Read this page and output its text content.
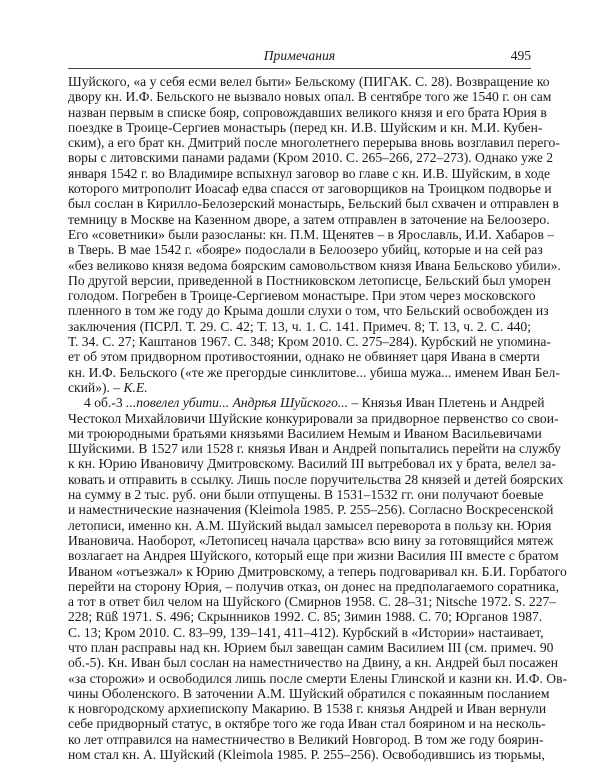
Примечания	495
Шуйского, «а у себя есми велел быти» Бельскому (ПИГАК. С. 28). Возвращение ко
двору кн. И.Ф. Бельского не вызвало новых опал. В сентябре того же 1540 г. он сам
назван первым в списке бояр, сопровождавших великого князя и его брата Юрия в
поездке в Троице-Сергиев монастырь (перед кн. И.В. Шуйским и кн. М.И. Кубен-
ским), а его брат кн. Дмитрий после многолетнего перерыва вновь возглавил перего-
воры с литовскими панами радами (Кром 2010. С. 265–266, 272–273). Однако уже 2
января 1542 г. во Владимире вспыхнул заговор во главе с кн. И.В. Шуйским, в ходе
которого митрополит Иоасаф едва спасся от заговорщиков на Троицком подворье и
был сослан в Кирилло-Белозерский монастырь, Бельский был схвачен и отправлен в
темницу в Москве на Казенном дворе, а затем отправлен в заточение на Белоозеро.
Его «советники» были разосланы: кн. П.М. Щенятев – в Ярославль, И.И. Хабаров –
в Тверь. В мае 1542 г. «бояре» подослали в Белоозеро убийц, которые и на сей раз
«без великово князя ведома боярским самовольством князя Ивана Бельсково убили».
По другой версии, приведенной в Постниковском летописце, Бельский был уморен
голодом. Погребен в Троице-Сергиевом монастыре. При этом через московского
пленного в том же году до Крыма дошли слухи о том, что Бельский освобожден из
заключения (ПСРЛ. Т. 29. С. 42; Т. 13, ч. 1. С. 141. Примеч. 8; Т. 13, ч. 2. С. 440;
Т. 34. С. 27; Каштанов 1967. С. 348; Кром 2010. С. 275–284). Курбский не упомина-
ет об этом придворном противостоянии, однако не обвиняет царя Ивана в смерти
кн. И.Ф. Бельского («те же прегордые синклитове... убиша мужа... именем Иван Бел-
ский»). – К.Е.
4 об.-3 ...повелел убити... Андрѣя Шуйского... – Князья Иван Плетень и Андрей
Честокол Михайловичи Шуйские конкурировали за придворное первенство со свои-
ми троюродными братьями князьями Василием Немым и Иваном Васильевичами
Шуйскими. В 1527 или 1528 г. князья Иван и Андрей попытались перейти на службу
к кн. Юрию Ивановичу Дмитровскому. Василий III вытребовал их у брата, велел за-
ковать и отправить в ссылку. Лишь после поручительства 28 князей и детей боярских
на сумму в 2 тыс. руб. они были отпущены. В 1531–1532 гг. они получают боевые
и наместнические назначения (Kleimola 1985. P. 255–256). Согласно Воскресенской
летописи, именно кн. А.М. Шуйский выдал замысел переворота в пользу кн. Юрия
Ивановича. Наоборот, «Летописец начала царства» всю вину за готовящийся мятеж
возлагает на Андрея Шуйского, который еще при жизни Василия III вместе с братом
Иваном «отъезжал» к Юрию Дмитровскому, а теперь подговаривал кн. Б.И. Горбатого
перейти на сторону Юрия, – получив отказ, он донес на предполагаемого соратника,
а тот в ответ бил челом на Шуйского (Смирнов 1958. С. 28–31; Nitsche 1972. S. 227–
228; Rüß 1971. S. 496; Скрынников 1992. С. 85; Зимин 1988. С. 70; Юрганов 1987.
С. 13; Кром 2010. С. 83–99, 139–141, 411–412). Курбский в «Истории» настаивает,
что план расправы над кн. Юрием был завещан самим Василием III (см. примеч. 90
об.-5). Кн. Иван был сослан на наместничество на Двину, а кн. Андрей был посажен
«за сторожи» и освободился лишь после смерти Елены Глинской и казни кн. И.Ф. Ов-
чины Оболенского. В заточении А.М. Шуйский обратился с покаянным посланием
к новгородскому архиепископу Макарию. В 1538 г. князья Андрей и Иван вернули
себе придворный статус, в октябре того же года Иван стал боярином и на несколь-
ко лет отправился на наместничество в Великий Новгород. В том же году боярин-
ном стал кн. А. Шуйский (Kleimola 1985. P. 255–256). Освободившись из тюрьмы,
